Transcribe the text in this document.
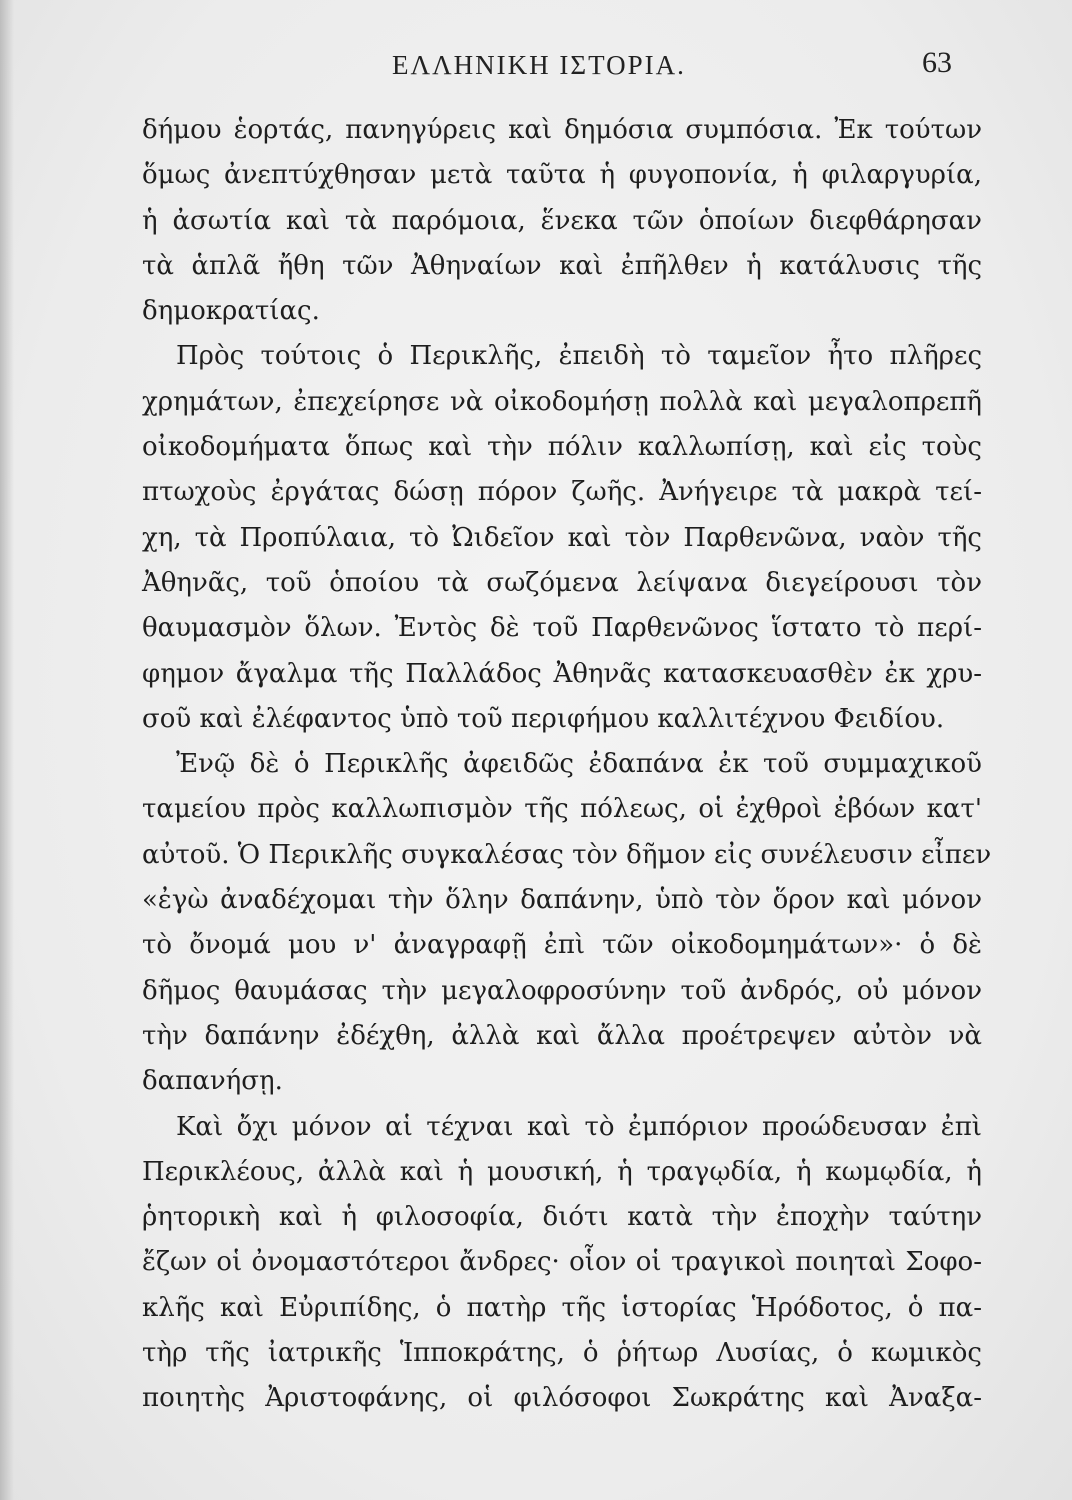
ΕΛΛΗΝΙΚΗ ΙΣΤΟΡΙΑ.	63
δήμου ἑορτάς, πανηγύρεις καὶ δημόσια συμπόσια. Ἐκ τούτων
ὅμως ἀνεπτύχθησαν μετὰ ταῦτα ἡ φυγοπονία, ἡ φιλαργυρία,
ἡ ἀσωτία καὶ τὰ παρόμοια, ἕνεκα τῶν ὁποίων διεφθάρησαν
τὰ ἁπλᾶ ἤθη τῶν Ἀθηναίων καὶ ἐπῆλθεν ἡ κατάλυσις τῆς
δημοκρατίας.
Πρὸς τούτοις ὁ Περικλῆς, ἐπειδὴ τὸ ταμεῖον ἦτο πλῆρες
χρημάτων, ἐπεχείρησε νὰ οἰκοδομήσῃ πολλὰ καὶ μεγαλοπρεπῆ
οἰκοδομήματα ὅπως καὶ τὴν πόλιν καλλωπίσῃ, καὶ εἰς τοὺς
πτωχοὺς ἐργάτας δώσῃ πόρον ζωῆς. Ἀνήγειρε τὰ μακρὰ τεί-
χη, τὰ Προπύλαια, τὸ Ὠιδεῖον καὶ τὸν Παρθενῶνα, ναὸν τῆς
Ἀθηνᾶς, τοῦ ὁποίου τὰ σωζόμενα λείψανα διεγείρουσι τὸν
θαυμασμὸν ὅλων. Ἐντὸς δὲ τοῦ Παρθενῶνος ἵστατο τὸ περί-
φημον ἄγαλμα τῆς Παλλάδος Ἀθηνᾶς κατασκευασθὲν ἐκ χρυ-
σοῦ καὶ ἐλέφαντος ὑπὸ τοῦ περιφήμου καλλιτέχνου Φειδίου.
Ἐνῷ δὲ ὁ Περικλῆς ἀφειδῶς ἐδαπάνα ἐκ τοῦ συμμαχικοῦ
ταμείου πρὸς καλλωπισμὸν τῆς πόλεως, οἱ ἐχθροὶ ἐβόων κατ'
αὐτοῦ. Ὁ Περικλῆς συγκαλέσας τὸν δῆμον εἰς συνέλευσιν εἶπεν
«ἐγὼ ἀναδέχομαι τὴν ὅλην δαπάνην, ὑπὸ τὸν ὅρον καὶ μόνον
τὸ ὄνομά μου ν' ἀναγραφῇ ἐπὶ τῶν οἰκοδομημάτων»· ὁ δὲ
δῆμος θαυμάσας τὴν μεγαλοφροσύνην τοῦ ἀνδρός, οὐ μόνον
τὴν δαπάνην ἐδέχθη, ἀλλὰ καὶ ἄλλα προέτρεψεν αὐτὸν νὰ
δαπανήσῃ.
Καὶ ὄχι μόνον αἱ τέχναι καὶ τὸ ἐμπόριον προώδευσαν ἐπὶ
Περικλέους, ἀλλὰ καὶ ἡ μουσική, ἡ τραγῳδία, ἡ κωμῳδία, ἡ
ῥητορικὴ καὶ ἡ φιλοσοφία, διότι κατὰ τὴν ἐποχὴν ταύτην
ἔζων οἱ ὀνομαστότεροι ἄνδρες· οἷον οἱ τραγικοὶ ποιηταὶ Σοφο-
κλῆς καὶ Εὐριπίδης, ὁ πατὴρ τῆς ἱστορίας Ἡρόδοτος, ὁ πα-
τὴρ τῆς ἰατρικῆς Ἱπποκράτης, ὁ ῥήτωρ Λυσίας, ὁ κωμικὸς
ποιητὴς Ἀριστοφάνης, οἱ φιλόσοφοι Σωκράτης καὶ Ἀναξα-
